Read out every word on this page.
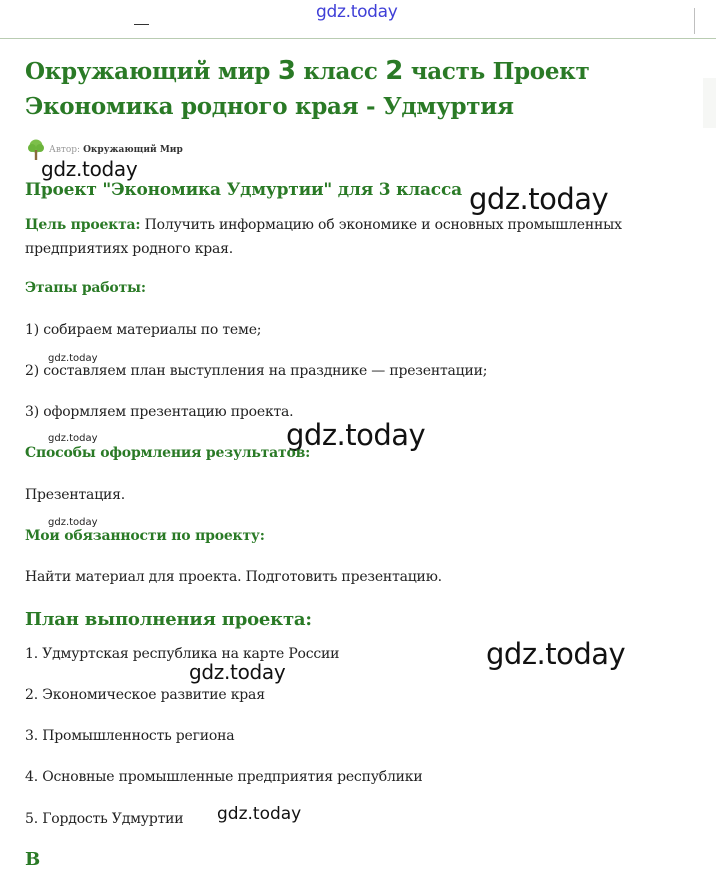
gdz.today
Окружающий мир 3 класс 2 часть Проект Экономика родного края - Удмуртия
Автор: Окружающий Мир
gdz.today
Проект "Экономика Удмуртии" для 3 класса gdz.today
Цель проекта: Получить информацию об экономике и основных промышленных предприятиях родного края.
Этапы работы:
1) собираем материалы по теме;
gdz.today
2) составляем план выступления на празднике — презентации;
3) оформляем презентацию проекта.
gdz.today
gdz.today
Способы оформления результатов:
Презентация.
gdz.today
Мои обязанности по проекту:
Найти материал для проекта. Подготовить презентацию.
План выполнения проекта:
1. Удмуртская республика на карте России	gdz.today
gdz.today
2. Экономическое развитие края
3. Промышленность региона
4. Основные промышленные предприятия республики
5. Гордость Удмуртии gdz.today
В
